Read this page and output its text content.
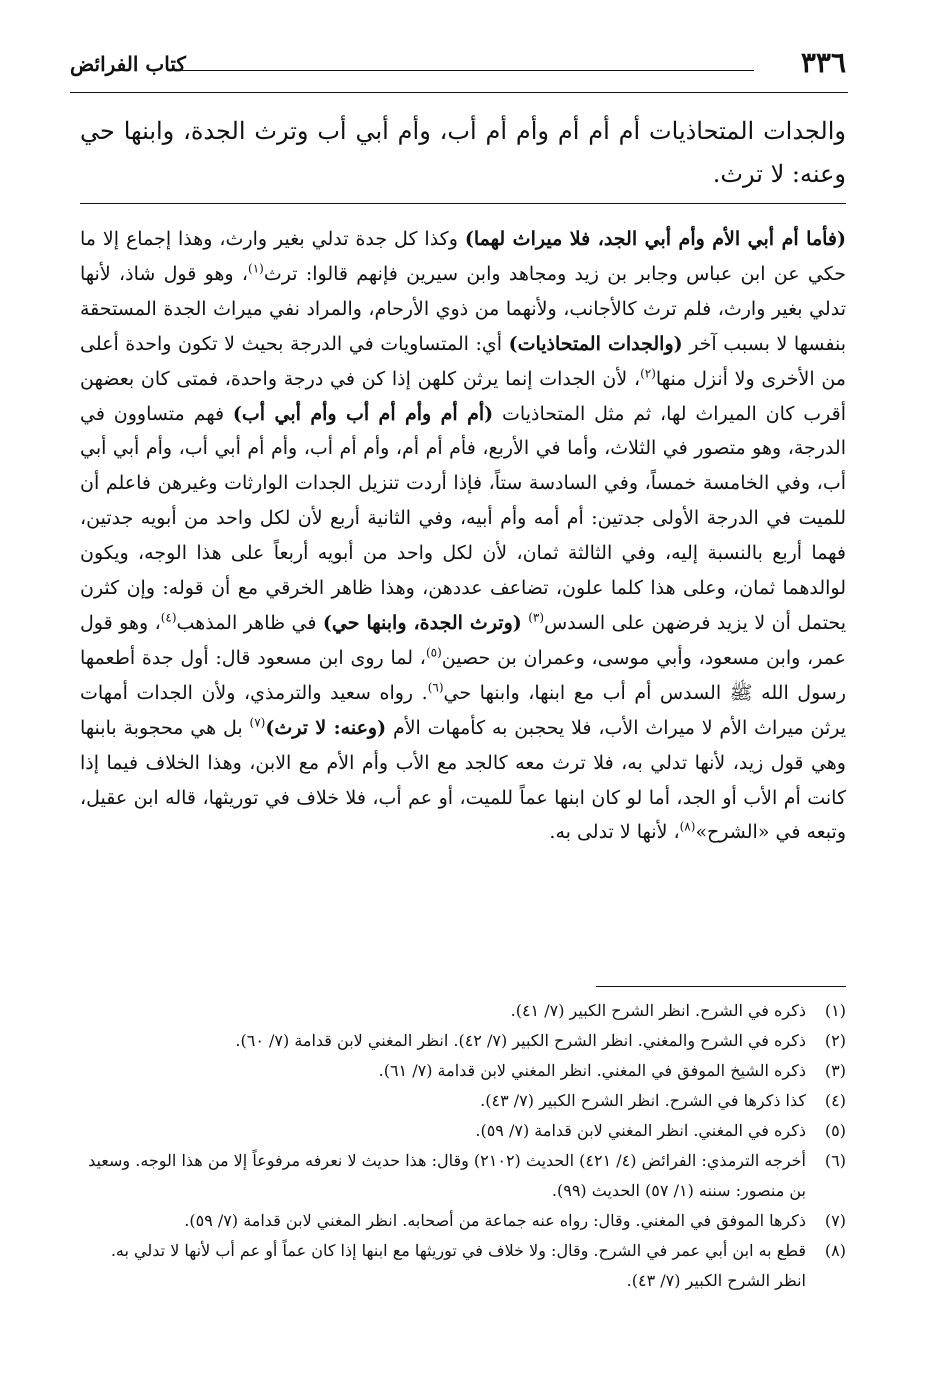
٣٣٦
كتاب الفرائض
والجدات المتحاذيات أم أم أم وأم أم أب، وأم أبي أب وترث الجدة، وابنها حي وعنه: لا ترث.

(فأما أم أبي الأم وأم أبي الجد، فلا ميراث لهما) وكذا كل جدة تدلي بغير وارث، وهذا إجماع إلا ما حكي عن ابن عباس وجابر بن زيد ومجاهد وابن سيرين فإنهم قالوا: ترث$^{(١)}$، وهو قول شاذ، لأنها تدلي بغير وارث، فلم ترث كالأجانب، ولأنهما من ذوي الأرحام، والمراد نفي ميراث الجدة المستحقة بنفسها لا بسبب آخر (والجدات المتحاذيات) أي: المتساويات في الدرجة بحيث لا تكون واحدة أعلى من الأخرى ولا أنزل منها$^{(٢)}$، لأن الجدات إنما يرثن كلهن إذا كن في درجة واحدة، فمتى كان بعضهن أقرب كان الميراث لها، ثم مثل المتحاذيات (أم أم وأم أم أب وأم أبي أب) فهم متساوون في الدرجة، وهو متصور في الثلاث، وأما في الأربع، فأم أم أم، وأم أم أب، وأم أم أبي أب، وأم أبي أبي أب، وفي الخامسة خمساً، وفي السادسة ستاً، فإذا أردت تنزيل الجدات الوارثات وغيرهن فاعلم أن للميت في الدرجة الأولى جدتين: أم أمه وأم أبيه، وفي الثانية أربع لأن لكل واحد من أبويه جدتين، فهما أربع بالنسبة إليه، وفي الثالثة ثمان، لأن لكل واحد من أبويه أربعاً على هذا الوجه، ويكون لوالدهما ثمان، وعلى هذا كلما علون، تضاعف عددهن، وهذا ظاهر الخرقي مع أن قوله: وإن كثرن يحتمل أن لا يزيد فرضهن على السدس$^{(٣)}$ (وترث الجدة، وابنها حي) في ظاهر المذهب$^{(٤)}$، وهو قول عمر، وابن مسعود، وأبي موسى، وعمران بن حصين$^{(٥)}$، لما روى ابن مسعود قال: أول جدة أطعمها رسول الله ﷺ السدس أم أب مع ابنها، وابنها حي$^{(٦)}$. رواه سعيد والترمذي، ولأن الجدات أمهات يرثن ميراث الأم لا ميراث الأب، فلا يحجبن به كأمهات الأم (وعنه: لا ترث)$^{(٧)}$ بل هي محجوبة بابنها وهي قول زيد، لأنها تدلي به، فلا ترث معه كالجد مع الأب وأم الأم مع الابن، وهذا الخلاف فيما إذا كانت أم الأب أو الجد، أما لو كان ابنها عماً للميت، أو عم أب، فلا خلاف في توريثها، قاله ابن عقيل، وتبعه في «الشرح»$^{(٨)}$، لأنها لا تدلى به.

(١)
ذكره في الشرح. انظر الشرح الكبير (٧/ ٤١).
(٢)
ذكره في الشرح والمغني. انظر الشرح الكبير (٧/ ٤٢). انظر المغني لابن قدامة (٧/ ٦٠).
(٣)
ذكره الشيخ الموفق في المغني. انظر المغني لابن قدامة (٧/ ٦١).
(٤)
كذا ذكرها في الشرح. انظر الشرح الكبير (٧/ ٤٣).
(٥)
ذكره في المغني. انظر المغني لابن قدامة (٧/ ٥٩).
(٦)
أخرجه الترمذي: الفرائض (٤/ ٤٢١) الحديث (٢١٠٢) وقال: هذا حديث لا نعرفه مرفوعاً إلا من هذا الوجه. وسعيد بن منصور: سننه (١/ ٥٧) الحديث (٩٩).
(٧)
ذكرها الموفق في المغني. وقال: رواه عنه جماعة من أصحابه. انظر المغني لابن قدامة (٧/ ٥٩).
(٨)
قطع به ابن أبي عمر في الشرح. وقال: ولا خلاف في توريثها مع ابنها إذا كان عماً أو عم أب لأنها لا تدلي به. انظر الشرح الكبير (٧/ ٤٣).
